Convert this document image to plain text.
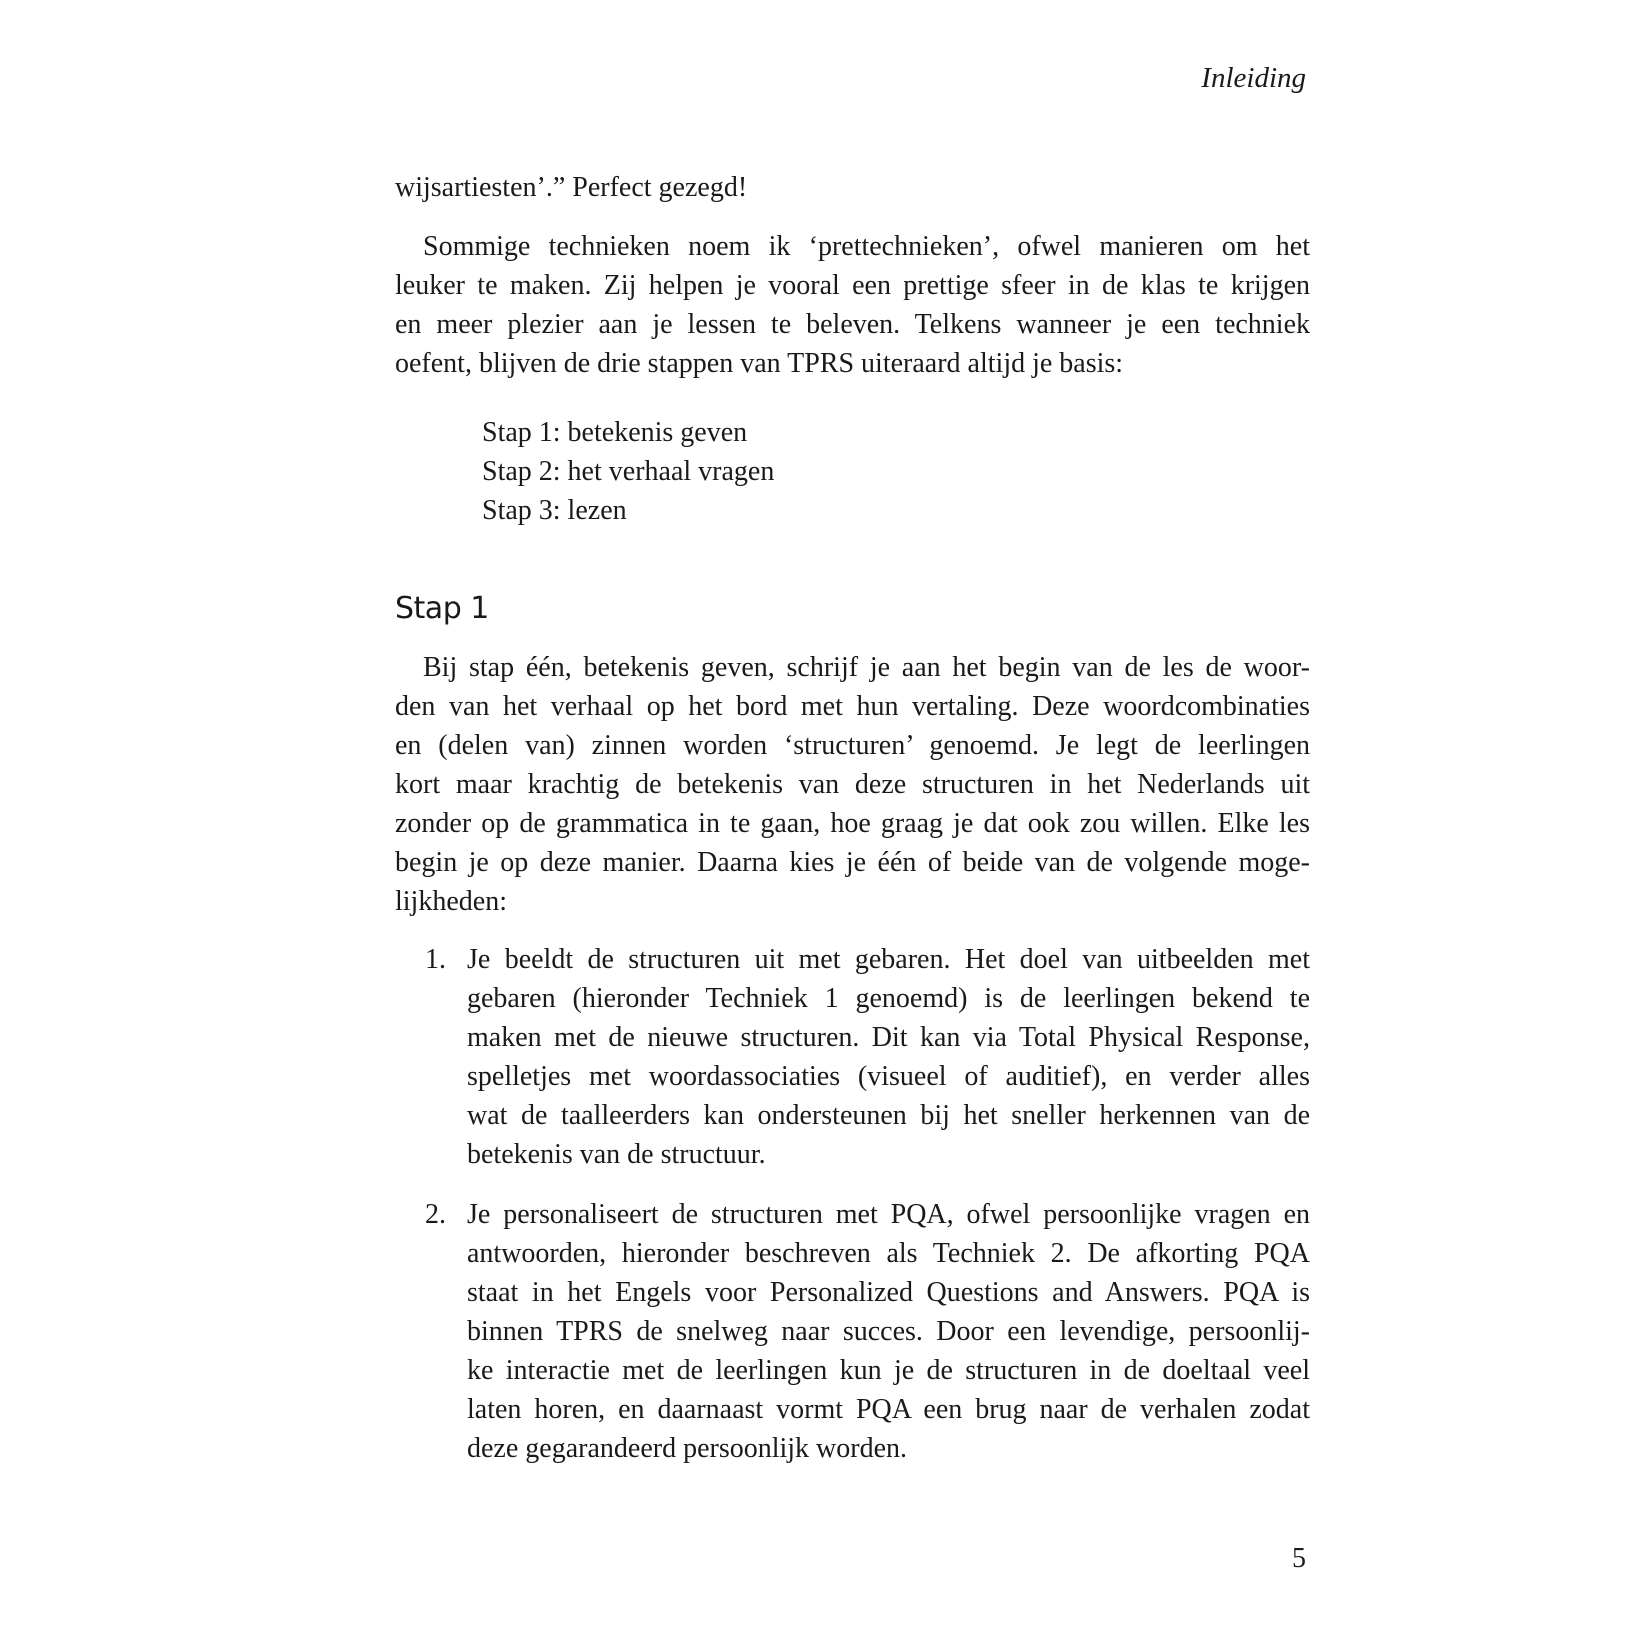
Inleiding
wijsartiesten’.” Perfect gezegd!
Sommige technieken noem ik ‘prettechnieken’, ofwel manieren om het
leuker te maken. Zij helpen je vooral een prettige sfeer in de klas te krijgen
en meer plezier aan je lessen te beleven. Telkens wanneer je een techniek
oefent, blijven de drie stappen van TPRS uiteraard altijd je basis:
Stap 1: betekenis geven
Stap 2: het verhaal vragen
Stap 3: lezen
Stap 1
Bij stap één, betekenis geven, schrijf je aan het begin van de les de woor-
den van het verhaal op het bord met hun vertaling. Deze woordcombinaties
en (delen van) zinnen worden ‘structuren’ genoemd. Je legt de leerlingen
kort maar krachtig de betekenis van deze structuren in het Nederlands uit
zonder op de grammatica in te gaan, hoe graag je dat ook zou willen. Elke les
begin je op deze manier. Daarna kies je één of beide van de volgende moge-
lijkheden:
1. Je beeldt de structuren uit met gebaren. Het doel van uitbeelden met
gebaren (hieronder Techniek 1 genoemd) is de leerlingen bekend te
maken met de nieuwe structuren. Dit kan via Total Physical Response,
spelletjes met woordassociaties (visueel of auditief), en verder alles
wat de taalleerders kan ondersteunen bij het sneller herkennen van de
betekenis van de structuur.
2. Je personaliseert de structuren met PQA, ofwel persoonlijke vragen en
antwoorden, hieronder beschreven als Techniek 2. De afkorting PQA
staat in het Engels voor Personalized Questions and Answers. PQA is
binnen TPRS de snelweg naar succes. Door een levendige, persoonlij-
ke interactie met de leerlingen kun je de structuren in de doeltaal veel
laten horen, en daarnaast vormt PQA een brug naar de verhalen zodat
deze gegarandeerd persoonlijk worden.
5
